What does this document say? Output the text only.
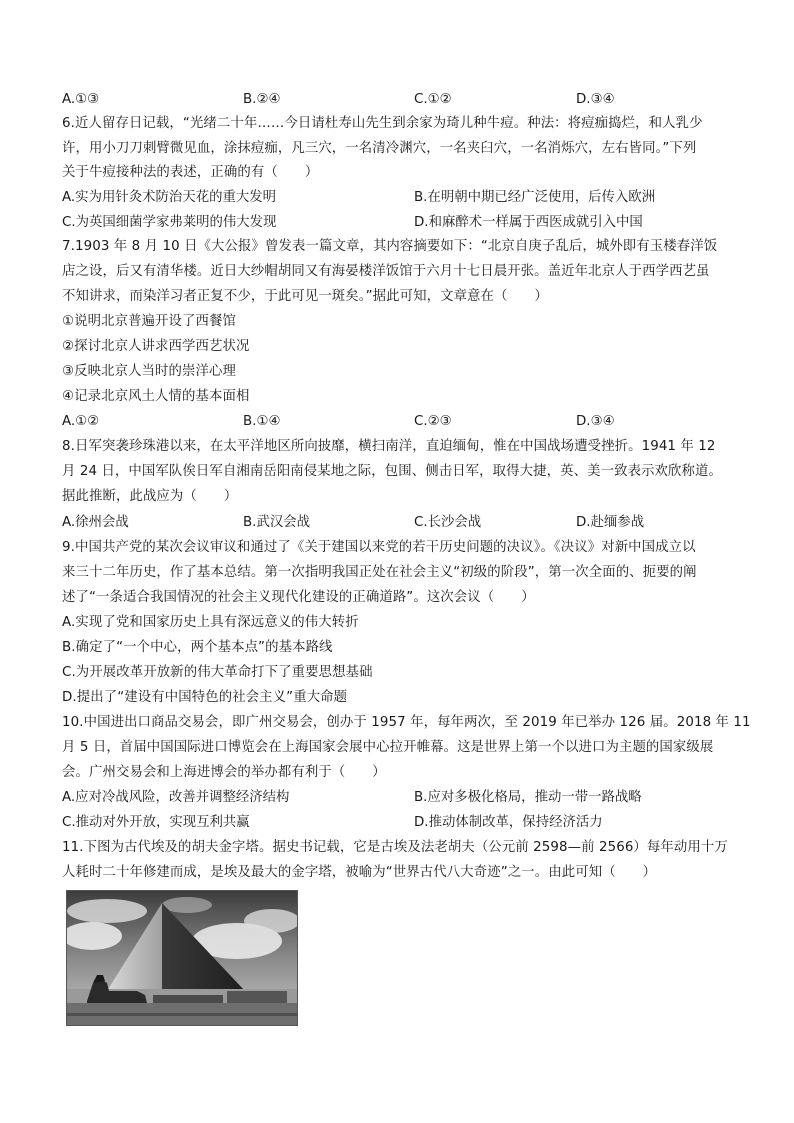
A.①③	B.②④	C.①②	D.③④
6.近人留存日记载，“光绪二十年……今日请杜寿山先生到余家为琦儿种牛痘。种法：将痘痂捣烂，和人乳少
许，用小刀刀刺臂微见血，涂抹痘痂，凡三穴，一名清冷渊穴，一名夹臼穴，一名消烁穴，左右皆同。”下列
关于牛痘接种法的表述，正确的有（　　）
A.实为用针灸术防治天花的重大发明	B.在明朝中期已经广泛使用，后传入欧洲
C.为英国细菌学家弗莱明的伟大发现	D.和麻醉术一样属于西医成就引入中国
7.1903 年 8 月 10 日《大公报》曾发表一篇文章，其内容摘要如下：“北京自庚子乱后，城外即有玉楼春洋饭
店之设，后又有清华楼。近日大纱帽胡同又有海晏楼洋饭馆于六月十七日晨开张。盖近年北京人于西学西艺虽
不知讲求，而染洋习者正复不少，于此可见一斑矣。”据此可知，文章意在（　　）
①说明北京普遍开设了西餐馆
②探讨北京人讲求西学西艺状况
③反映北京人当时的崇洋心理
④记录北京风土人情的基本面相
A.①②	B.①④	C.②③	D.③④
8.日军突袭珍珠港以来，在太平洋地区所向披靡，横扫南洋，直迫缅甸，惟在中国战场遭受挫折。1941 年 12
月 24 日，中国军队俟日军自湘南岳阳南侵某地之际，包围、侧击日军，取得大捷，英、美一致表示欢欣称道。
据此推断，此战应为（　　）
A.徐州会战	B.武汉会战	C.长沙会战	D.赴缅参战
9.中国共产党的某次会议审议和通过了《关于建国以来党的若干历史问题的决议》。《决议》对新中国成立以
来三十二年历史，作了基本总结。第一次指明我国正处在社会主义“初级的阶段”，第一次全面的、扼要的阐
述了“一条适合我国情况的社会主义现代化建设的正确道路”。这次会议（　　）
A.实现了党和国家历史上具有深远意义的伟大转折
B.确定了“一个中心，两个基本点”的基本路线
C.为开展改革开放新的伟大革命打下了重要思想基础
D.提出了“建设有中国特色的社会主义”重大命题
10.中国进出口商品交易会，即广州交易会，创办于 1957 年，每年两次，至 2019 年已举办 126 届。2018 年 11
月 5 日，首届中国国际进口博览会在上海国家会展中心拉开帷幕。这是世界上第一个以进口为主题的国家级展
会。广州交易会和上海进博会的举办都有利于（　　）
A.应对冷战风险，改善并调整经济结构	B.应对多极化格局，推动一带一路战略
C.推动对外开放，实现互利共赢	D.推动体制改革，保持经济活力
11.下图为古代埃及的胡夫金字塔。据史书记载，它是古埃及法老胡夫（公元前 2598—前 2566）每年动用十万
人耗时二十年修建而成，是埃及最大的金字塔，被喻为“世界古代八大奇迹”之一。由此可知（　　）
